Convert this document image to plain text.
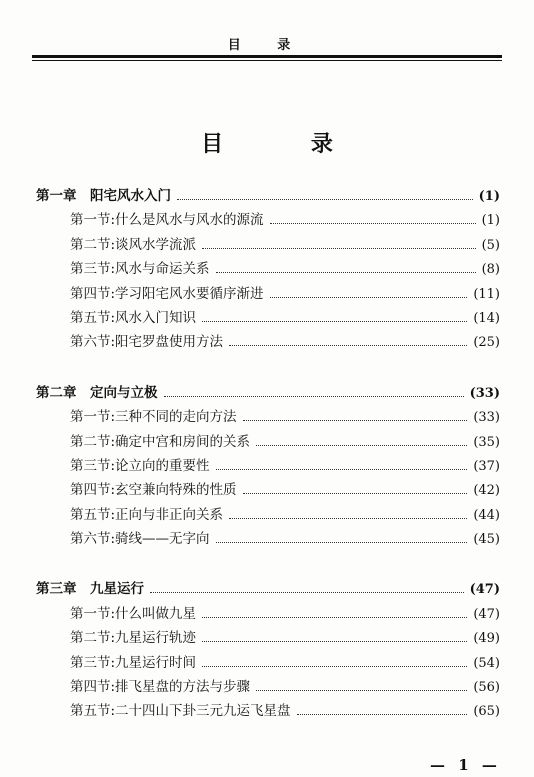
目 录
目 录
第一章　阳宅风水入门	(1)
第一节:什么是风水与风水的源流	(1)
第二节:谈风水学流派	(5)
第三节:风水与命运关系	(8)
第四节:学习阳宅风水要循序渐进	(11)
第五节:风水入门知识	(14)
第六节:阳宅罗盘使用方法	(25)
第二章　定向与立极	(33)
第一节:三种不同的走向方法	(33)
第二节:确定中宫和房间的关系	(35)
第三节:论立向的重要性	(37)
第四节:玄空兼向特殊的性质	(42)
第五节:正向与非正向关系	(44)
第六节:骑线——无字向	(45)
第三章　九星运行	(47)
第一节:什么叫做九星	(47)
第二节:九星运行轨迹	(49)
第三节:九星运行时间	(54)
第四节:排飞星盘的方法与步骤	(56)
第五节:二十四山下卦三元九运飞星盘	(65)
— 1 —
